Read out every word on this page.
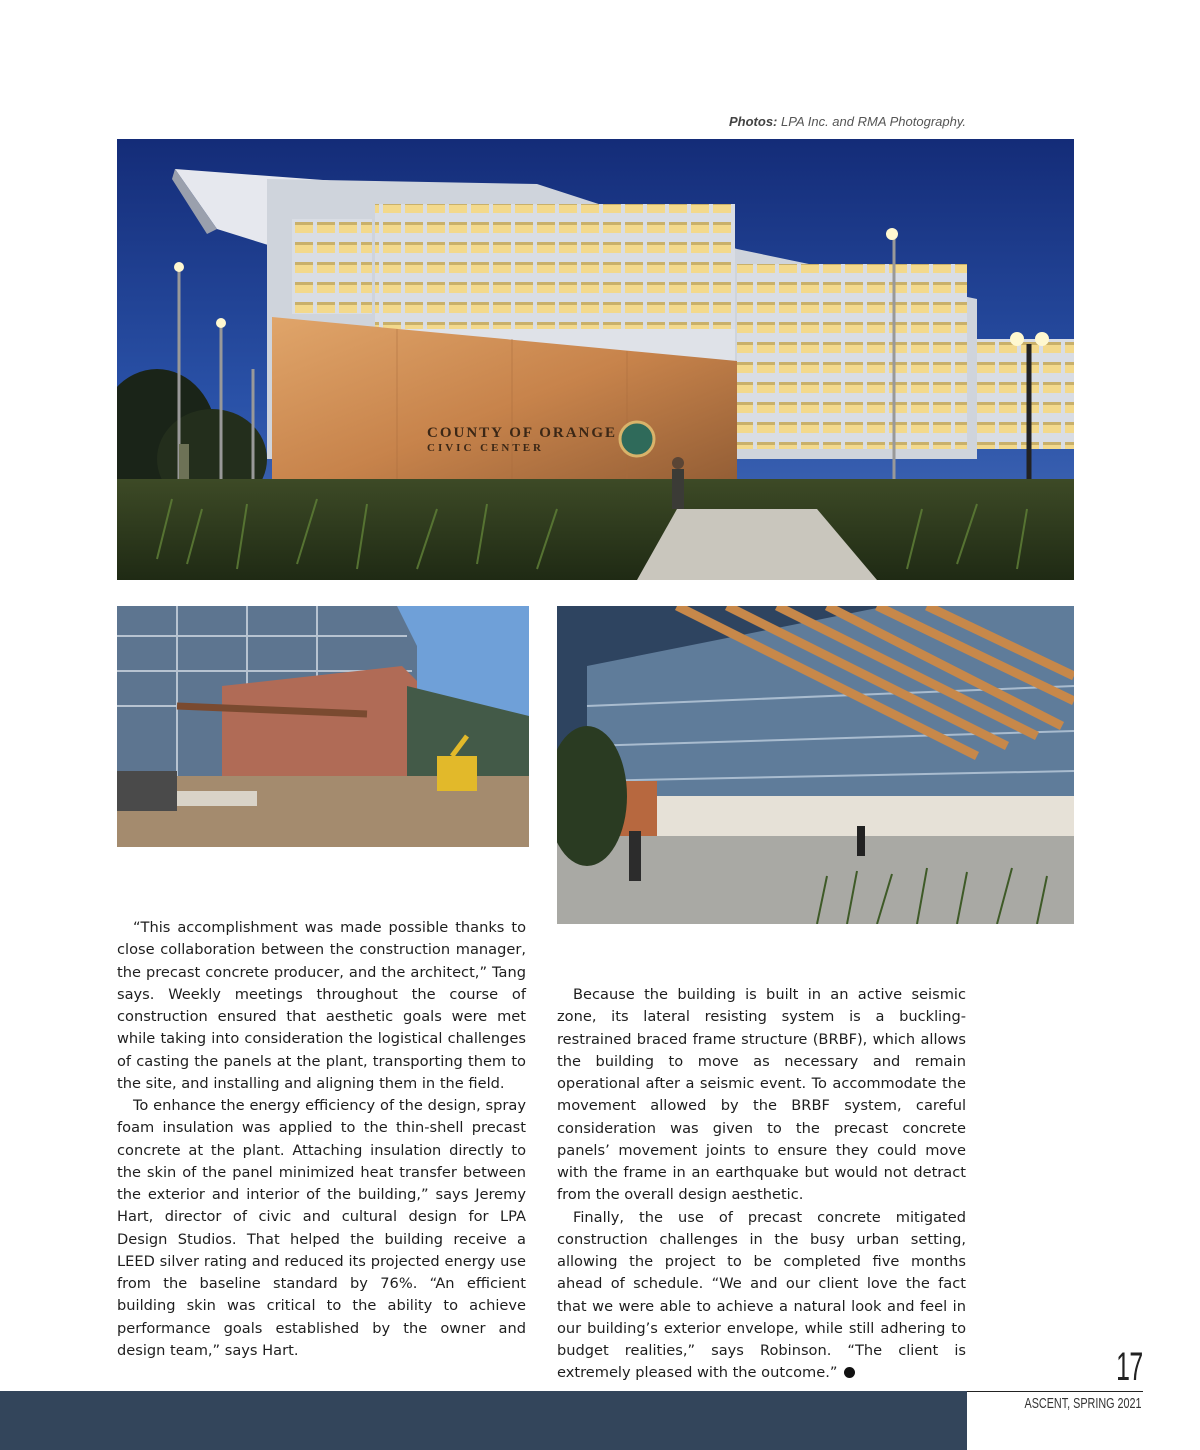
Photos: LPA Inc. and RMA Photography.
COUNTY OF ORANGE
CIVIC CENTER

“This accomplishment was made possible thanks to close collaboration between the construction manager, the precast concrete producer, and the architect,” Tang says. Weekly meetings throughout the course of construction ensured that aesthetic goals were met while taking into consideration the logistical challenges of casting the panels at the plant, transporting them to the site, and installing and aligning them in the field.

To enhance the energy efficiency of the design, spray foam insulation was applied to the thin-shell precast concrete at the plant. Attaching insulation directly to the skin of the panel minimized heat transfer between the exterior and interior of the building,” says Jeremy Hart, director of civic and cultural design for LPA Design Studios. That helped the building receive a LEED silver rating and reduced its projected energy use from the baseline standard by 76%. “An efficient building skin was critical to the ability to achieve performance goals established by the owner and design team,” says Hart.

Because the building is built in an active seismic zone, its lateral resisting system is a buckling-restrained braced frame structure (BRBF), which allows the building to move as necessary and remain operational after a seismic event. To accommodate the movement allowed by the BRBF system, careful consideration was given to the precast concrete panels’ movement joints to ensure they could move with the frame in an earthquake but would not detract from the overall design aesthetic.

Finally, the use of precast concrete mitigated construction challenges in the busy urban setting, allowing the project to be completed five months ahead of schedule. “We and our client love the fact that we were able to achieve a natural look and feel in our building’s exterior envelope, while still adhering to budget realities,” says Robinson. “The client is extremely pleased with the outcome.”	17
ASCENT, SPRING 2021
